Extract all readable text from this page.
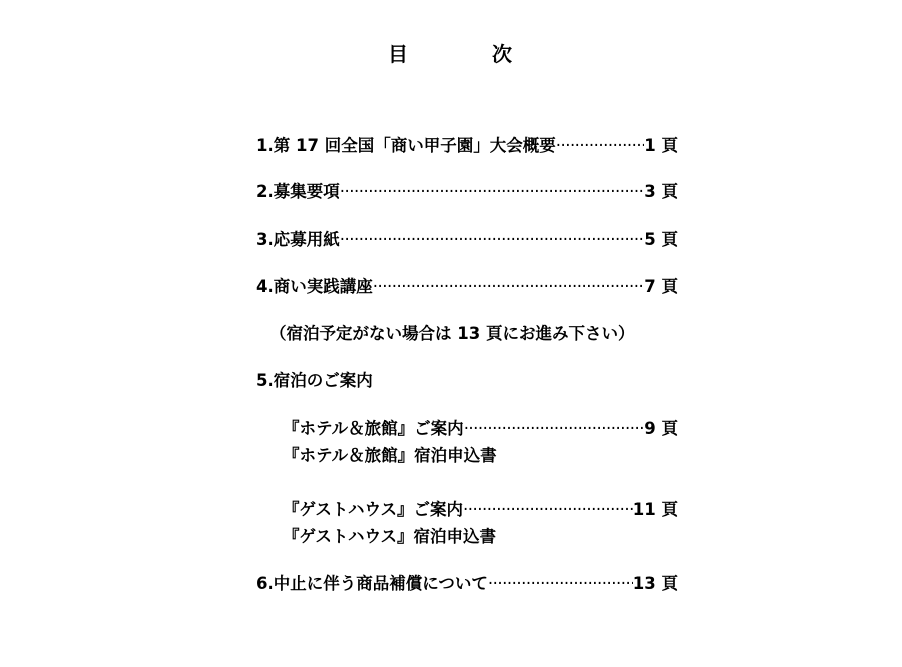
目　次
1.第 17 回全国「商い甲子園」大会概要 ·····	1 頁
2.募集要項 ·····	3 頁
3.応募用紙 ·····	5 頁
4.商い実践講座 ·····	7 頁
（宿泊予定がない場合は 13 頁にお進み下さい）
5.宿泊のご案内
『ホテル＆旅館』ご案内 ·····	9 頁
『ホテル＆旅館』宿泊申込書
『ゲストハウス』ご案内 ·····	11 頁
『ゲストハウス』宿泊申込書
6.中止に伴う商品補償について ·····	13 頁
